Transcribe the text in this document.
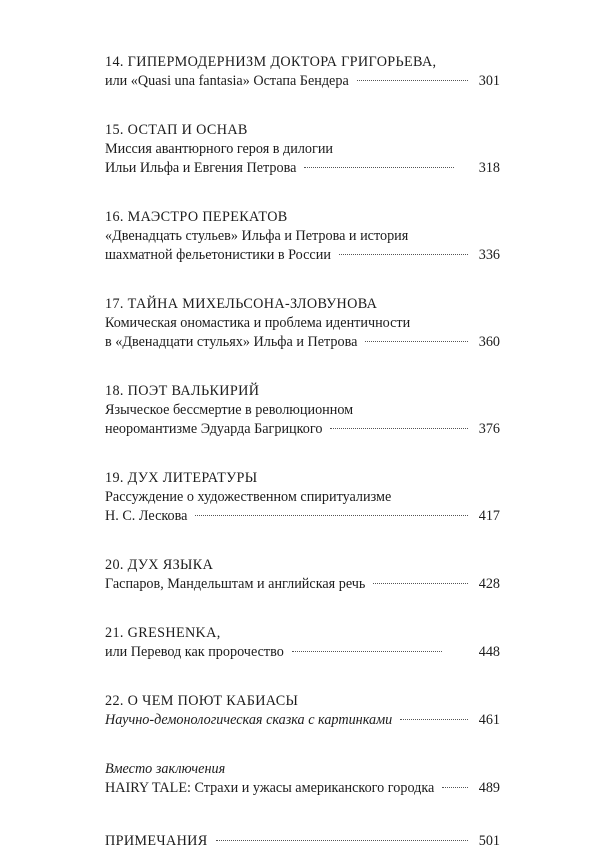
14. ГИПЕРМОДЕРНИЗМ ДОКТОРА ГРИГОРЬЕВА,
или «Quasi una fantasia» Остапа Бендера	301
15. ОСТАП И ОСНАВ
Миссия авантюрного героя в дилогии
Ильи Ильфа и Евгения Петрова	318
16. МАЭСТРО ПЕРЕКАТОВ
«Двенадцать стульев» Ильфа и Петрова и история
шахматной фельетонистики в России	336
17. ТАЙНА МИХЕЛЬСОНА-ЗЛОВУНОВА
Комическая ономастика и проблема идентичности
в «Двенадцати стульях» Ильфа и Петрова	360
18. ПОЭТ ВАЛЬКИРИЙ
Языческое бессмертие в революционном
неоромантизме Эдуарда Багрицкого	376
19. ДУХ ЛИТЕРАТУРЫ
Рассуждение о художественном спиритуализме
Н. С. Лескова	417
20. ДУХ ЯЗЫКА
Гаспаров, Мандельштам и английская речь	428
21. GRESHENKA,
или Перевод как пророчество	448
22. О ЧЕМ ПОЮТ КАБИАСЫ
Научно-демонологическая сказка с картинками	461
Вместо заключения
HAIRY TALE: Страхи и ужасы американского городка	489
ПРИМЕЧАНИЯ	501
